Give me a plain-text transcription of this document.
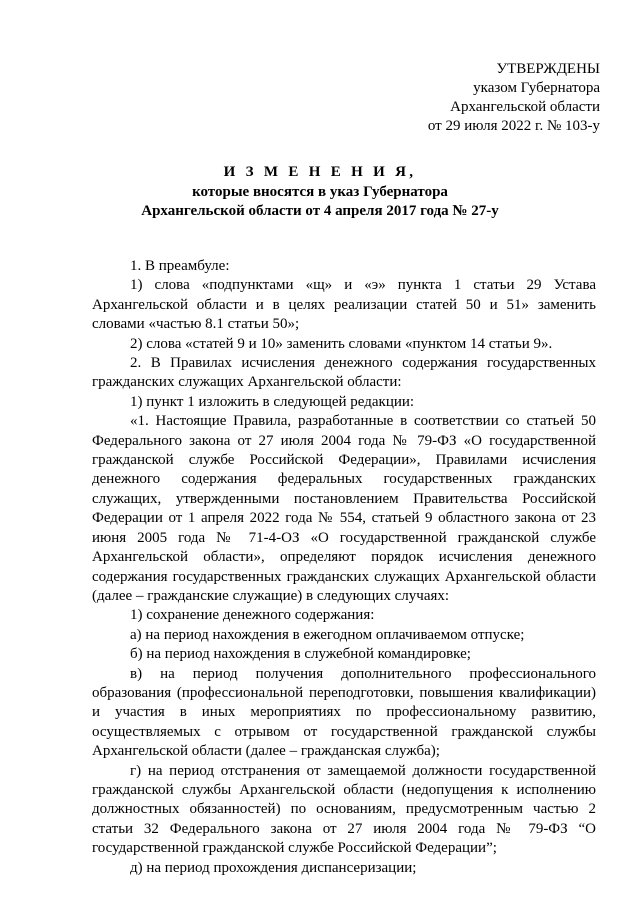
УТВЕРЖДЕНЫ
указом Губернатора
Архангельской области
от 29 июля 2022 г. № 103-у
И З М Е Н Е Н И Я,
которые вносятся в указ Губернатора
Архангельской области от 4 апреля 2017 года № 27-у

1. В преамбуле:

1) слова «подпунктами «щ» и «э» пункта 1 статьи 29 Устава Архангельской области и в целях реализации статей 50 и 51» заменить словами «частью 8.1 статьи 50»;

2) слова «статей 9 и 10» заменить словами «пунктом 14 статьи 9».

2. В Правилах исчисления денежного содержания государственных гражданских служащих Архангельской области:

1) пункт 1 изложить в следующей редакции:

«1. Настоящие Правила, разработанные в соответствии со статьей 50 Федерального закона от 27 июля 2004 года № 79-ФЗ «О государственной гражданской службе Российской Федерации», Правилами исчисления денежного содержания федеральных государственных гражданских служащих, утвержденными постановлением Правительства Российской Федерации от 1 апреля 2022 года № 554, статьей 9 областного закона от 23 июня 2005 года № 71-4-ОЗ «О государственной гражданской службе Архангельской области», определяют порядок исчисления денежного содержания государственных гражданских служащих Архангельской области (далее – гражданские служащие) в следующих случаях:

1) сохранение денежного содержания:

а) на период нахождения в ежегодном оплачиваемом отпуске;

б) на период нахождения в служебной командировке;

в) на период получения дополнительного профессионального образования (профессиональной переподготовки, повышения квалификации) и участия в иных мероприятиях по профессиональному развитию, осуществляемых с отрывом от государственной гражданской службы Архангельской области (далее – гражданская служба);

г) на период отстранения от замещаемой должности государственной гражданской службы Архангельской области (недопущения к исполнению должностных обязанностей) по основаниям, предусмотренным частью 2 статьи 32 Федерального закона от 27 июля 2004 года № 79-ФЗ “О государственной гражданской службе Российской Федерации”;

д) на период прохождения диспансеризации;
